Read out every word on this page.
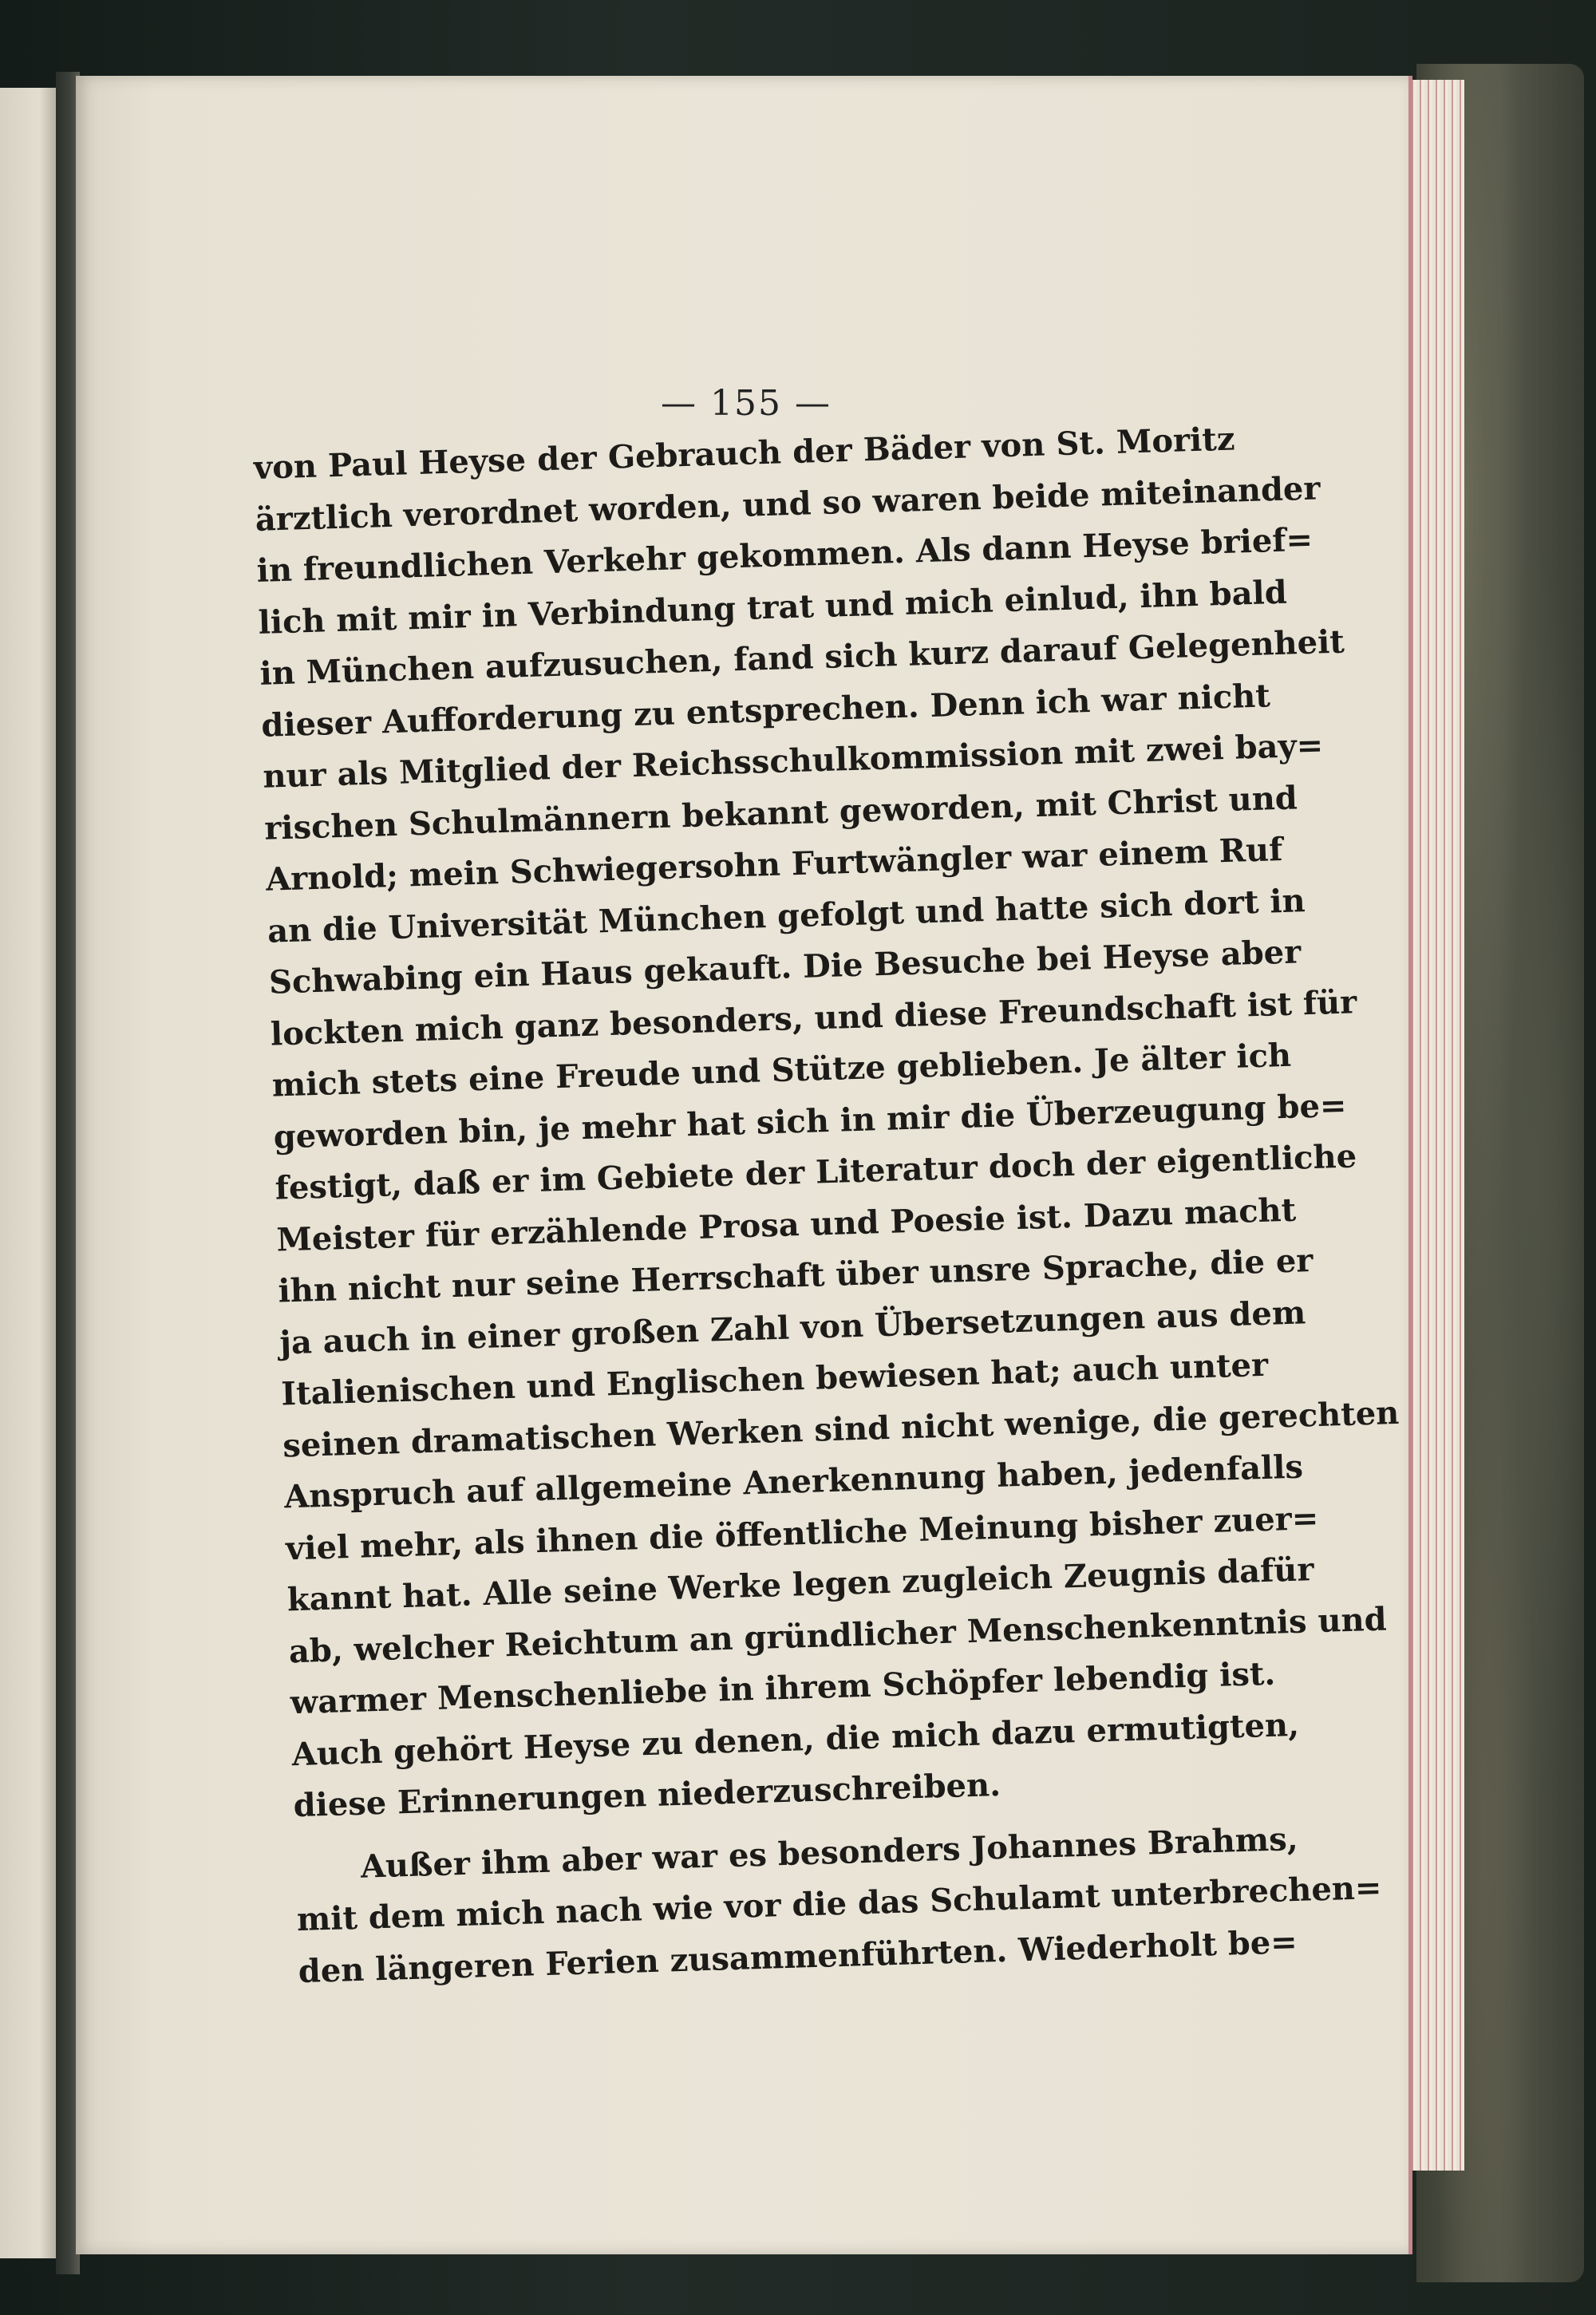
— 155 —
von Paul Heyse der Gebrauch der Bäder von St. Moritz
ärztlich verordnet worden, und so waren beide miteinander
in freundlichen Verkehr gekommen. Als dann Heyse brief=
lich mit mir in Verbindung trat und mich einlud, ihn bald
in München aufzusuchen, fand sich kurz darauf Gelegenheit
dieser Aufforderung zu entsprechen. Denn ich war nicht
nur als Mitglied der Reichsschulkommission mit zwei bay=
rischen Schulmännern bekannt geworden, mit Christ und
Arnold; mein Schwiegersohn Furtwängler war einem Ruf
an die Universität München gefolgt und hatte sich dort in
Schwabing ein Haus gekauft. Die Besuche bei Heyse aber
lockten mich ganz besonders, und diese Freundschaft ist für
mich stets eine Freude und Stütze geblieben. Je älter ich
geworden bin, je mehr hat sich in mir die Überzeugung be=
festigt, daß er im Gebiete der Literatur doch der eigentliche
Meister für erzählende Prosa und Poesie ist. Dazu macht
ihn nicht nur seine Herrschaft über unsre Sprache, die er
ja auch in einer großen Zahl von Übersetzungen aus dem
Italienischen und Englischen bewiesen hat; auch unter
seinen dramatischen Werken sind nicht wenige, die gerechten
Anspruch auf allgemeine Anerkennung haben, jedenfalls
viel mehr, als ihnen die öffentliche Meinung bisher zuer=
kannt hat. Alle seine Werke legen zugleich Zeugnis dafür
ab, welcher Reichtum an gründlicher Menschenkenntnis und
warmer Menschenliebe in ihrem Schöpfer lebendig ist.
Auch gehört Heyse zu denen, die mich dazu ermutigten,
diese Erinnerungen niederzuschreiben.
Außer ihm aber war es besonders Johannes Brahms,
mit dem mich nach wie vor die das Schulamt unterbrechen=
den längeren Ferien zusammenführten. Wiederholt be=
